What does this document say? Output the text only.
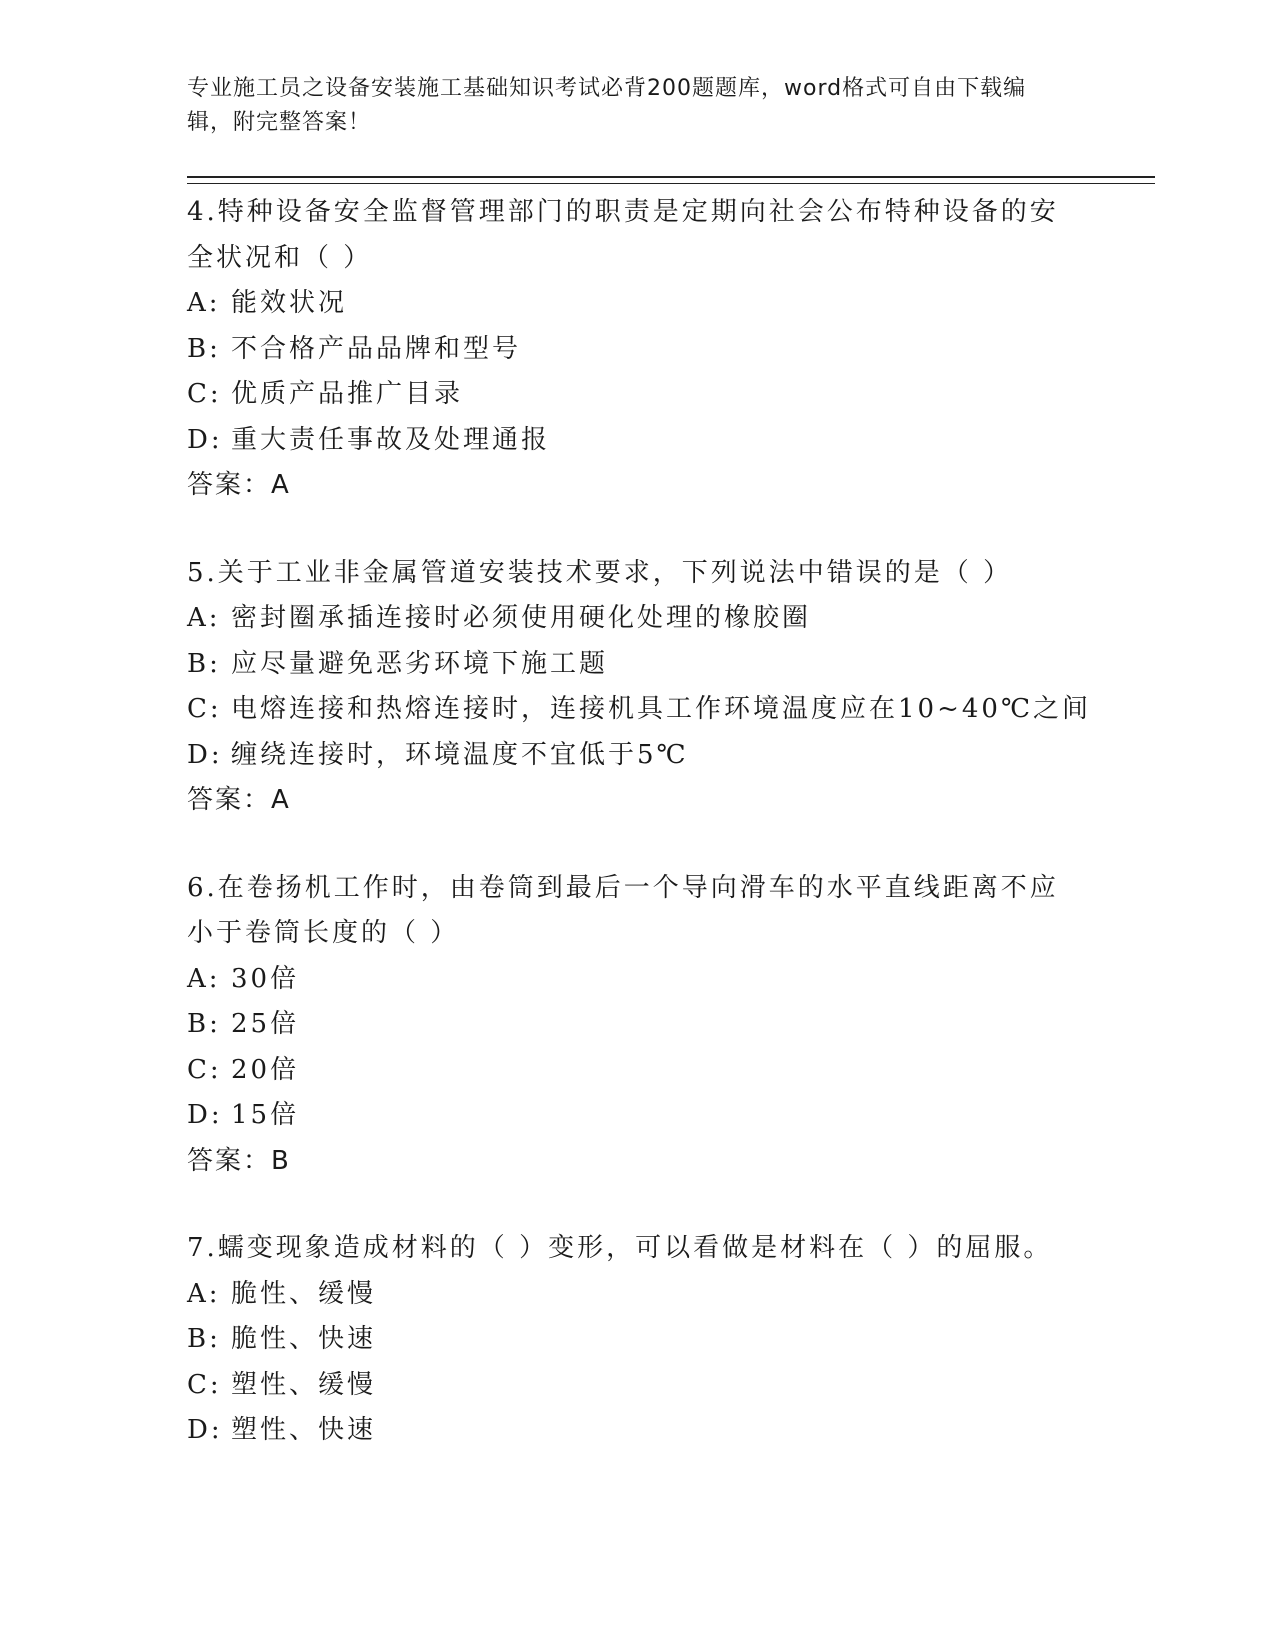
专业施工员之设备安装施工基础知识考试必背200题题库，word格式可自由下载编辑，附完整答案！

4.特种设备安全监督管理部门的职责是定期向社会公布特种设备的安全状况和（ ）

A: 能效状况
B: 不合格产品品牌和型号
C: 优质产品推广目录
D: 重大责任事故及处理通报
答案：A

5.关于工业非金属管道安装技术要求，下列说法中错误的是（ ）

A: 密封圈承插连接时必须使用硬化处理的橡胶圈
B: 应尽量避免恶劣环境下施工题
C: 电熔连接和热熔连接时，连接机具工作环境温度应在10~40℃之间
D: 缠绕连接时，环境温度不宜低于5℃
答案：A

6.在卷扬机工作时，由卷筒到最后一个导向滑车的水平直线距离不应小于卷筒长度的（ ）

A: 30倍
B: 25倍
C: 20倍
D: 15倍
答案：B

7.蠕变现象造成材料的（ ）变形，可以看做是材料在（ ）的屈服。

A: 脆性、缓慢
B: 脆性、快速
C: 塑性、缓慢
D: 塑性、快速
